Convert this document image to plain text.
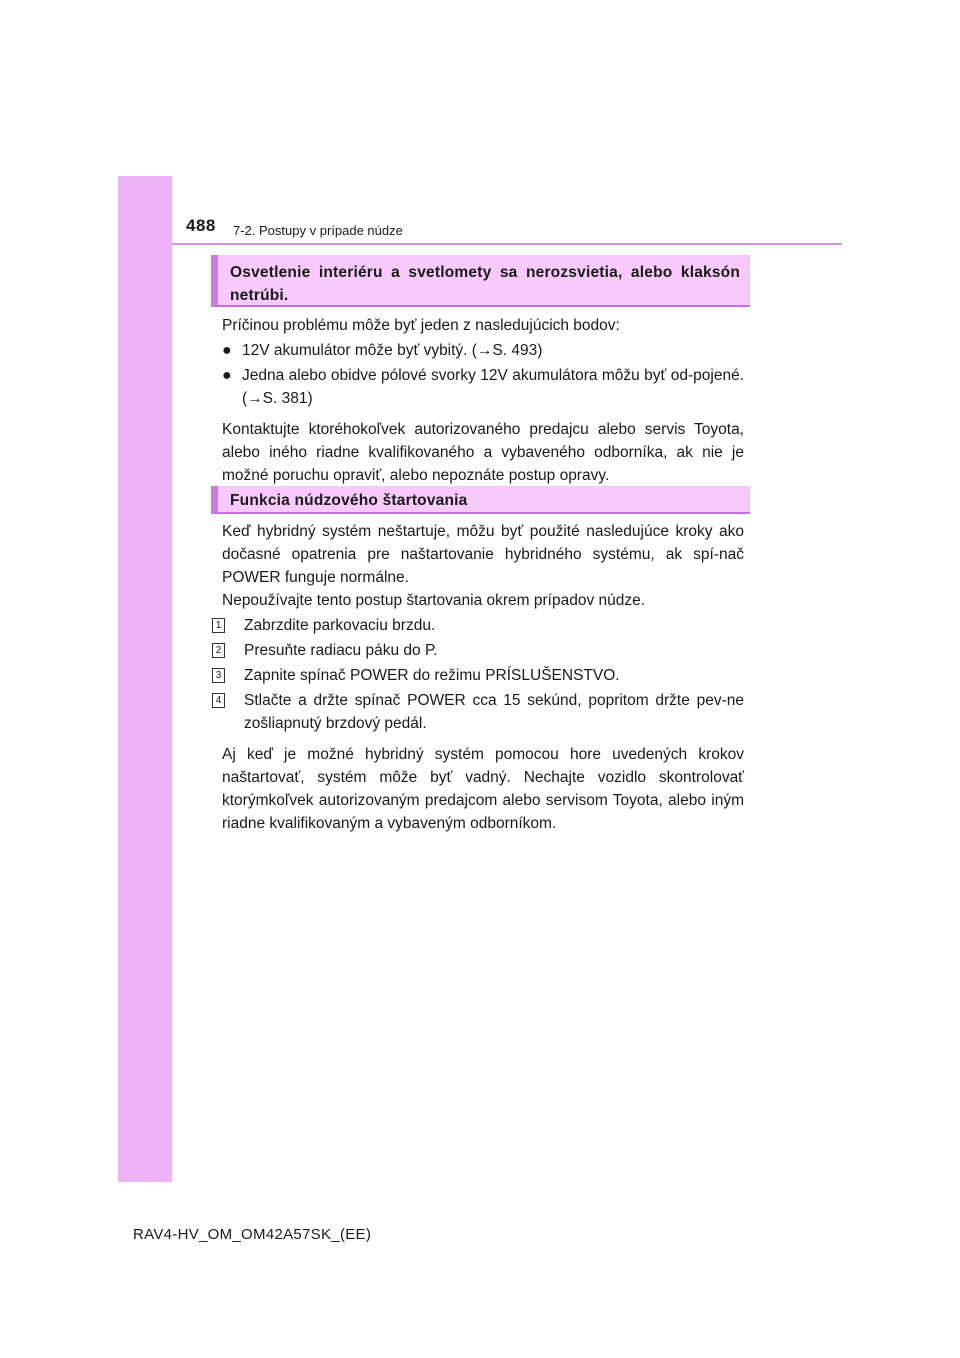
488 7-2. Postupy v prípade núdze
Osvetlenie interiéru a svetlomety sa nerozsvietia, alebo klaksón netrúbi.

Príčinou problému môže byť jeden z nasledujúcich bodov:

● 12V akumulátor môže byť vybitý. (→S. 493)
● Jedna alebo obidve pólové svorky 12V akumulátora môžu byť od-pojené. (→S. 381)

Kontaktujte ktoréhokoľvek autorizovaného predajcu alebo servis Toyota, alebo iného riadne kvalifikovaného a vybaveného odborníka, ak nie je možné poruchu opraviť, alebo nepoznáte postup opravy.

Funkcia núdzového štartovania

Keď hybridný systém neštartuje, môžu byť použité nasledujúce kroky ako dočasné opatrenia pre naštartovanie hybridného systému, ak spí-nač POWER funguje normálne.

Nepoužívajte tento postup štartovania okrem prípadov núdze.

1 Zabrzdite parkovaciu brzdu.
2 Presuňte radiacu páku do P.
3 Zapnite spínač POWER do režimu PRÍSLUŠENSTVO.
4 Stlačte a držte spínač POWER cca 15 sekúnd, popritom držte pev-ne zošliapnutý brzdový pedál.

Aj keď je možné hybridný systém pomocou hore uvedených krokov naštartovať, systém môže byť vadný. Nechajte vozidlo skontrolovať ktorýmkoľvek autorizovaným predajcom alebo servisom Toyota, alebo iným riadne kvalifikovaným a vybaveným odborníkom.

RAV4-HV_OM_OM42A57SK_(EE)
